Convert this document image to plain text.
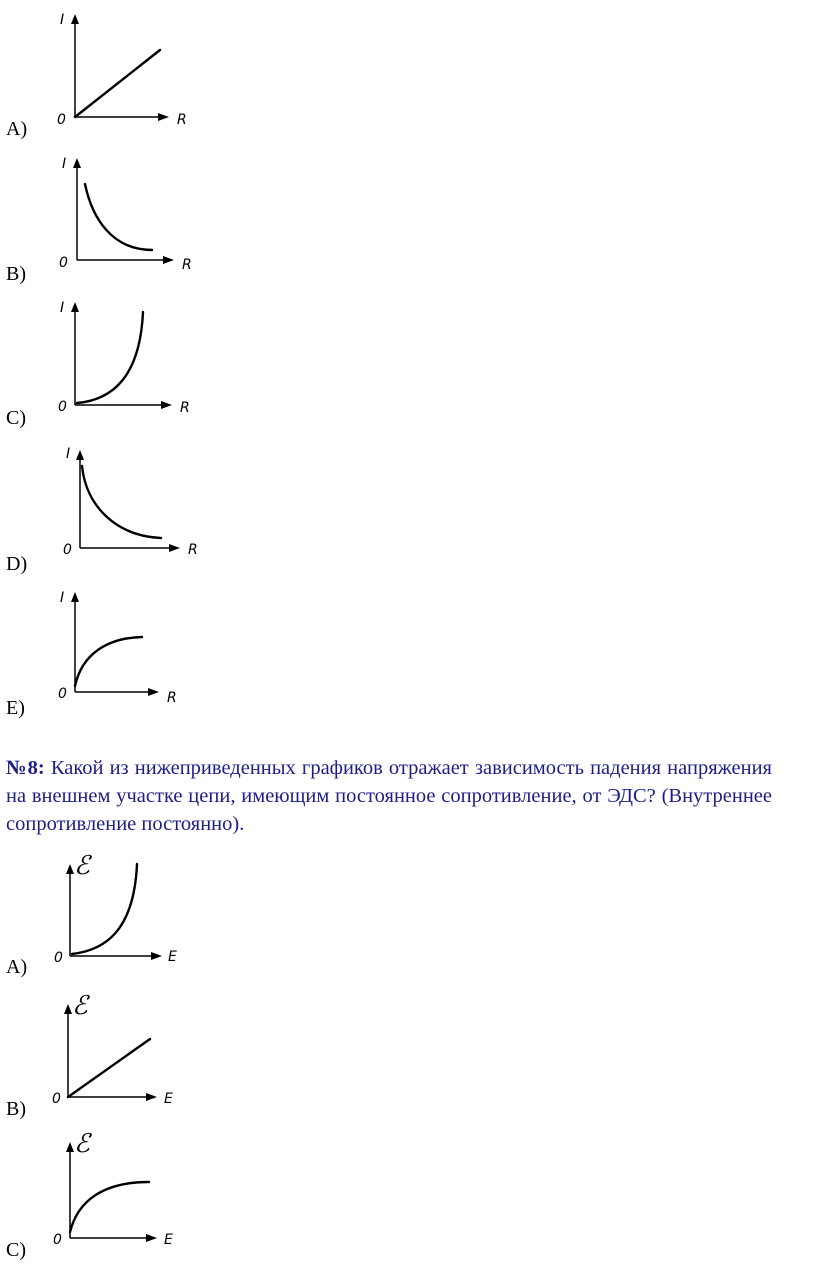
I
0	R
A)
I
0	R
B)
I
0	R
C)
I
0	R
D)
I
0	R
E)
№8: Какой из нижеприведенных графиков отражает зависимость падения напряжения на внешнем участке цепи, имеющим постоянное сопротивление, от ЭДС? (Внутреннее сопротивление постоянно).
ℰ
0	E
A)
ℰ
0	E
B)
ℰ
0	E
C)
